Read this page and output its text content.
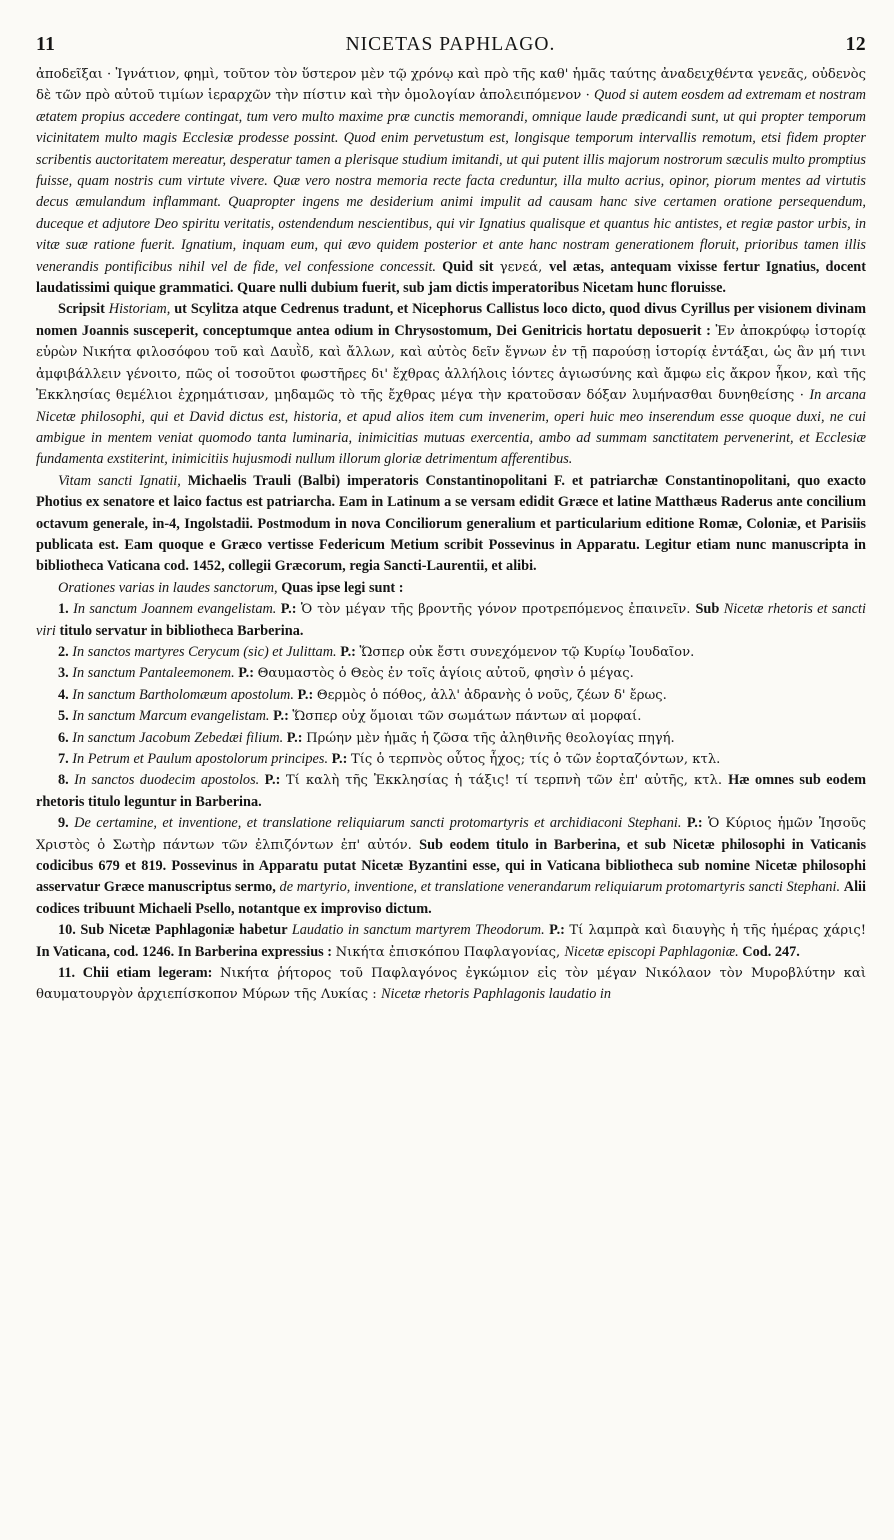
11	NICETAS PAPHLAGO.	12

ἀποδεῖξαι · Ἰγνάτιον, φημὶ, τοῦτον τὸν ὕστερον μὲν τῷ χρόνῳ καὶ πρὸ τῆς καθ' ἡμᾶς ταύτης ἀναδειχθέντα γενεᾶς, οὐδενὸς δὲ τῶν πρὸ αὐτοῦ τιμίων ἱεραρχῶν τὴν πίστιν καὶ τὴν ὁμολογίαν ἀπολειπόμενον · Quod si autem eosdem ad extremam et nostram ætatem propius accedere contingat, tum vero multo maxime præ cunctis memorandi, omnique laude prædicandi sunt, ut qui propter temporum vicinitatem multo magis Ecclesiæ prodesse possint. Quod enim pervetustum est, longisque temporum intervallis remotum, etsi fidem propter scribentis auctoritatem mereatur, desperatur tamen a plerisque studium imitandi, ut qui putent illis majorum nostrorum sæculis multo promptius fuisse, quam nostris cum virtute vivere. Quæ vero nostra memoria recte facta creduntur, illa multo acrius, opinor, piorum mentes ad virtutis decus æmulandum inflammant. Quapropter ingens me desiderium animi impulit ad causam hanc sive certamen oratione persequendum, duceque et adjutore Deo spiritu veritatis, ostendendum nescientibus, qui vir Ignatius qualisque et quantus hic antistes, et regiæ pastor urbis, in vitæ suæ ratione fuerit. Ignatium, inquam eum, qui ævo quidem posterior et ante hanc nostram generationem floruit, prioribus tamen illis venerandis pontificibus nihil vel de fide, vel confessione concessit. Quid sit γενεά, vel ætas, antequam vixisse fertur Ignatius, docent laudatissimi quique grammatici. Quare nulli dubium fuerit, sub jam dictis imperatoribus Nicetam hunc floruisse.

Scripsit Historiam, ut Scylitza atque Cedrenus tradunt, et Nicephorus Callistus loco dicto, quod divus Cyrillus per visionem divinam nomen Joannis susceperit, conceptumque antea odium in Chrysostomum, Dei Genitricis hortatu deposuerit : Ἐν ἀποκρύφῳ ἱστορίᾳ εὑρὼν Νικήτα φιλοσόφου τοῦ καὶ Δαυῒδ, καὶ ἄλλων, καὶ αὐτὸς δεῖν ἔγνων ἐν τῇ παρούσῃ ἱστορίᾳ ἐντάξαι, ὡς ἂν μή τινι ἀμφιβάλλειν γένοιτο, πῶς οἱ τοσοῦτοι φωστῆρες δι' ἔχθρας ἀλλήλοις ἰόντες ἁγιωσύνης καὶ ἄμφω εἰς ἄκρον ἧκον, καὶ τῆς Ἐκκλησίας θεμέλιοι ἐχρημάτισαν, μηδαμῶς τὸ τῆς ἔχθρας μέγα τὴν κρατοῦσαν δόξαν λυμήνασθαι δυνηθείσης · In arcana Nicetæ philosophi, qui et David dictus est, historia, et apud alios item cum invenerim, operi huic meo inserendum esse quoque duxi, ne cui ambigue in mentem veniat quomodo tanta luminaria, inimicitias mutuas exercentia, ambo ad summam sanctitatem pervenerint, et Ecclesiæ fundamenta exstiterint, inimicitiis hujusmodi nullum illorum gloriæ detrimentum afferentibus.

Vitam sancti Ignatii, Michaelis Trauli (Balbi) imperatoris Constantinopolitani F. et patriarchæ Constantinopolitani, quo exacto Photius ex senatore et laico factus est patriarcha. Eam in Latinum a se versam edidit Græce et latine Matthæus Raderus ante concilium octavum generale, in-4, Ingolstadii. Postmodum in nova Conciliorum generalium et particularium editione Romæ, Coloniæ, et Parisiis publicata est. Eam quoque e Græco vertisse Federicum Metium scribit Possevinus in Apparatu. Legitur etiam nunc manuscripta in bibliotheca Vaticana cod. 1452, collegii Græcorum, regia Sancti-Laurentii, et alibi.

Orationes varias in laudes sanctorum, Quas ipse legi sunt :

1. In sanctum Joannem evangelistam. P.: Ὁ τὸν μέγαν τῆς βροντῆς γόνον προτρεπόμενος ἐπαινεῖν. Sub Nicetæ rhetoris et sancti viri titulo servatur in bibliotheca Barberina.

2. In sanctos martyres Cerycum (sic) et Julittam. P.: Ὥσπερ οὐκ ἔστι συνεχόμενον τῷ Κυρίῳ Ἰουδαῖον.

3. In sanctum Pantaleemonem. P.: Θαυμαστὸς ὁ Θεὸς ἐν τοῖς ἁγίοις αὐτοῦ, φησὶν ὁ μέγας.

4. In sanctum Bartholomæum apostolum. P.: Θερμὸς ὁ πόθος, ἀλλ' ἀδρανὴς ὁ νοῦς, ζέων δ' ἔρως.

5. In sanctum Marcum evangelistam. P.: Ὥσπερ οὐχ ὅμοιαι τῶν σωμάτων πάντων αἱ μορφαί.

6. In sanctum Jacobum Zebedæi filium. P.: Πρώην μὲν ἡμᾶς ἡ ζῶσα τῆς ἀληθινῆς θεολογίας πηγή.

7. In Petrum et Paulum apostolorum principes. P.: Τίς ὁ τερπνὸς οὗτος ἦχος; τίς ὁ τῶν ἑορταζόντων, κτλ.

8. In sanctos duodecim apostolos. P.: Τί καλὴ τῆς Ἐκκλησίας ἡ τάξις! τί τερπνὴ τῶν ἐπ' αὐτῆς, κτλ. Hæ omnes sub eodem rhetoris titulo leguntur in Barberina.

9. De certamine, et inventione, et translatione reliquiarum sancti protomartyris et archidiaconi Stephani. P.: Ὁ Κύριος ἡμῶν Ἰησοῦς Χριστὸς ὁ Σωτὴρ πάντων τῶν ἐλπιζόντων ἐπ' αὐτόν. Sub eodem titulo in Barberina, et sub Nicetæ philosophi in Vaticanis codicibus 679 et 819. Possevinus in Apparatu putat Nicetæ Byzantini esse, qui in Vaticana bibliotheca sub nomine Nicetæ philosophi asservatur Græce manuscriptus sermo, de martyrio, inventione, et translatione venerandarum reliquiarum protomartyris sancti Stephani. Alii codices tribuunt Michaeli Psello, notantque ex improviso dictum.

10. Sub Nicetæ Paphlagoniæ habetur Laudatio in sanctum martyrem Theodorum. P.: Τί λαμπρὰ καὶ διαυγὴς ἡ τῆς ἡμέρας χάρις! In Vaticana, cod. 1246. In Barberina expressius : Νικήτα ἐπισκόπου Παφλαγονίας, Nicetæ episcopi Paphlagoniæ. Cod. 247.

11. Chii etiam legeram: Νικήτα ῥήτορος τοῦ Παφλαγόνος ἐγκώμιον εἰς τὸν μέγαν Νικόλαον τὸν Μυροβλύτην καὶ θαυματουργὸν ἀρχιεπίσκοπον Μύρων τῆς Λυκίας : Nicetæ rhetoris Paphlagonis laudatio in
